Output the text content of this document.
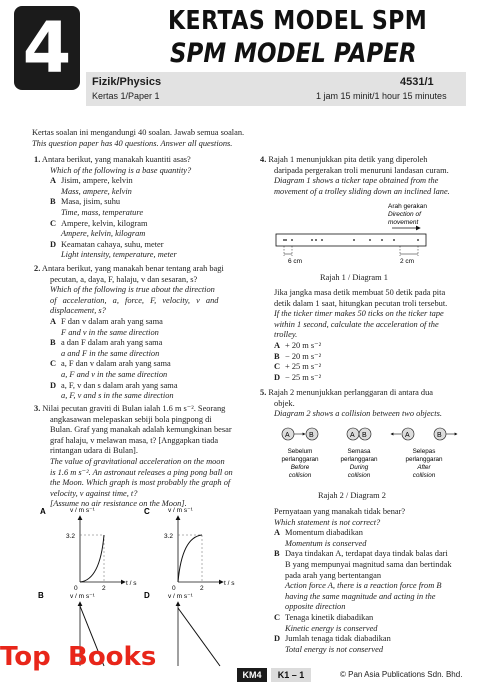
4	KERTAS MODEL SPM
SPM MODEL PAPER
Fizik/Physics
Kertas 1/Paper 1
4531/1
1 jam 15 minit/1 hour 15 minutes
Kertas soalan ini mengandungi 40 soalan. Jawab semua soalan.
This question paper has 40 questions. Answer all questions.
1. Antara berikut, yang manakah kuantiti asas?
Which of the following is a base quantity?
A Jisim, ampere, kelvin
Mass, ampere, kelvin
B Masa, jisim, suhu
Time, mass, temperature
C Ampere, kelvin, kilogram
Ampere, kelvin, kilogram
D Keamatan cahaya, suhu, meter
Light intensity, temperature, meter
2. Antara berikut, yang manakah benar tentang arah bagi
pecutan, a, daya, F, halaju, v dan sesaran, s?
Which of the following is true about the direction
of acceleration, a, force, F, velocity, v and
displacement, s?
A F dan v dalam arah yang sama
F and v in the same direction
B a dan F dalam arah yang sama
a and F in the same direction
C a, F dan v dalam arah yang sama
a, F and v in the same direction
D a, F, v dan s dalam arah yang sama
a, F, v and s in the same direction
3. Nilai pecutan graviti di Bulan ialah 1.6 m s⁻². Seorang
angkasawan melepaskan sebiji bola pingpong di
Bulan. Graf yang manakah adalah kemungkinan besar
graf halaju, v melawan masa, t? [Anggapkan tiada
rintangan udara di Bulan].
The value of gravitational acceleration on the moon
is 1.6 m s⁻². An astronaut releases a ping pong ball on
the Moon. Which graph is most probably the graph of
velocity, v against time, t?
[Assume no air resistance on the Moon].
A	v / m s⁻¹
3.2
0	2
t / s
C	v / m s⁻¹
3.2
0	2
t / s
B	v / m s⁻¹	D	v / m s⁻¹
4. Rajah 1 menunjukkan pita detik yang diperoleh
daripada pergerakan troli menuruni landasan curam.
Diagram 1 shows a ticker tape obtained from the
movement of a trolley sliding down an inclined lane.
Arah gerakan
Direction of
movement
6 cm	2 cm
Rajah 1 / Diagram 1
Jika jangka masa detik membuat 50 detik pada pita
detik dalam 1 saat, hitungkan pecutan troli tersebut.
If the ticker timer makes 50 ticks on the ticker tape
within 1 second, calculate the acceleration of the
trolley.
A + 20 m s⁻²
B − 20 m s⁻²
C + 25 m s⁻²
D − 25 m s⁻²
5. Rajah 2 menunjukkan perlanggaran di antara dua
objek.
Diagram 2 shows a collision between two objects.
A	B	A B	A	B
Sebelum
perlanggaran
Before
collision
Semasa
perlanggaran
During
collision
Selepas
perlanggaran
After
collision
Rajah 2 / Diagram 2
Pernyataan yang manakah tidak benar?
Which statement is not correct?
A Momentum diabadikan
Momentum is conserved
B Daya tindakan A, terdapat daya tindak balas dari
B yang mempunyai magnitud sama dan bertindak
pada arah yang bertentangan
Action force A, there is a reaction force from B
having the same magnitude and acting in the
opposite direction
C Tenaga kinetik diabadikan
Kinetic energy is conserved
D Jumlah tenaga tidak diabadikan
Total energy is not conserved
Top Books
KM4	K1 – 1	© Pan Asia Publications Sdn. Bhd.
